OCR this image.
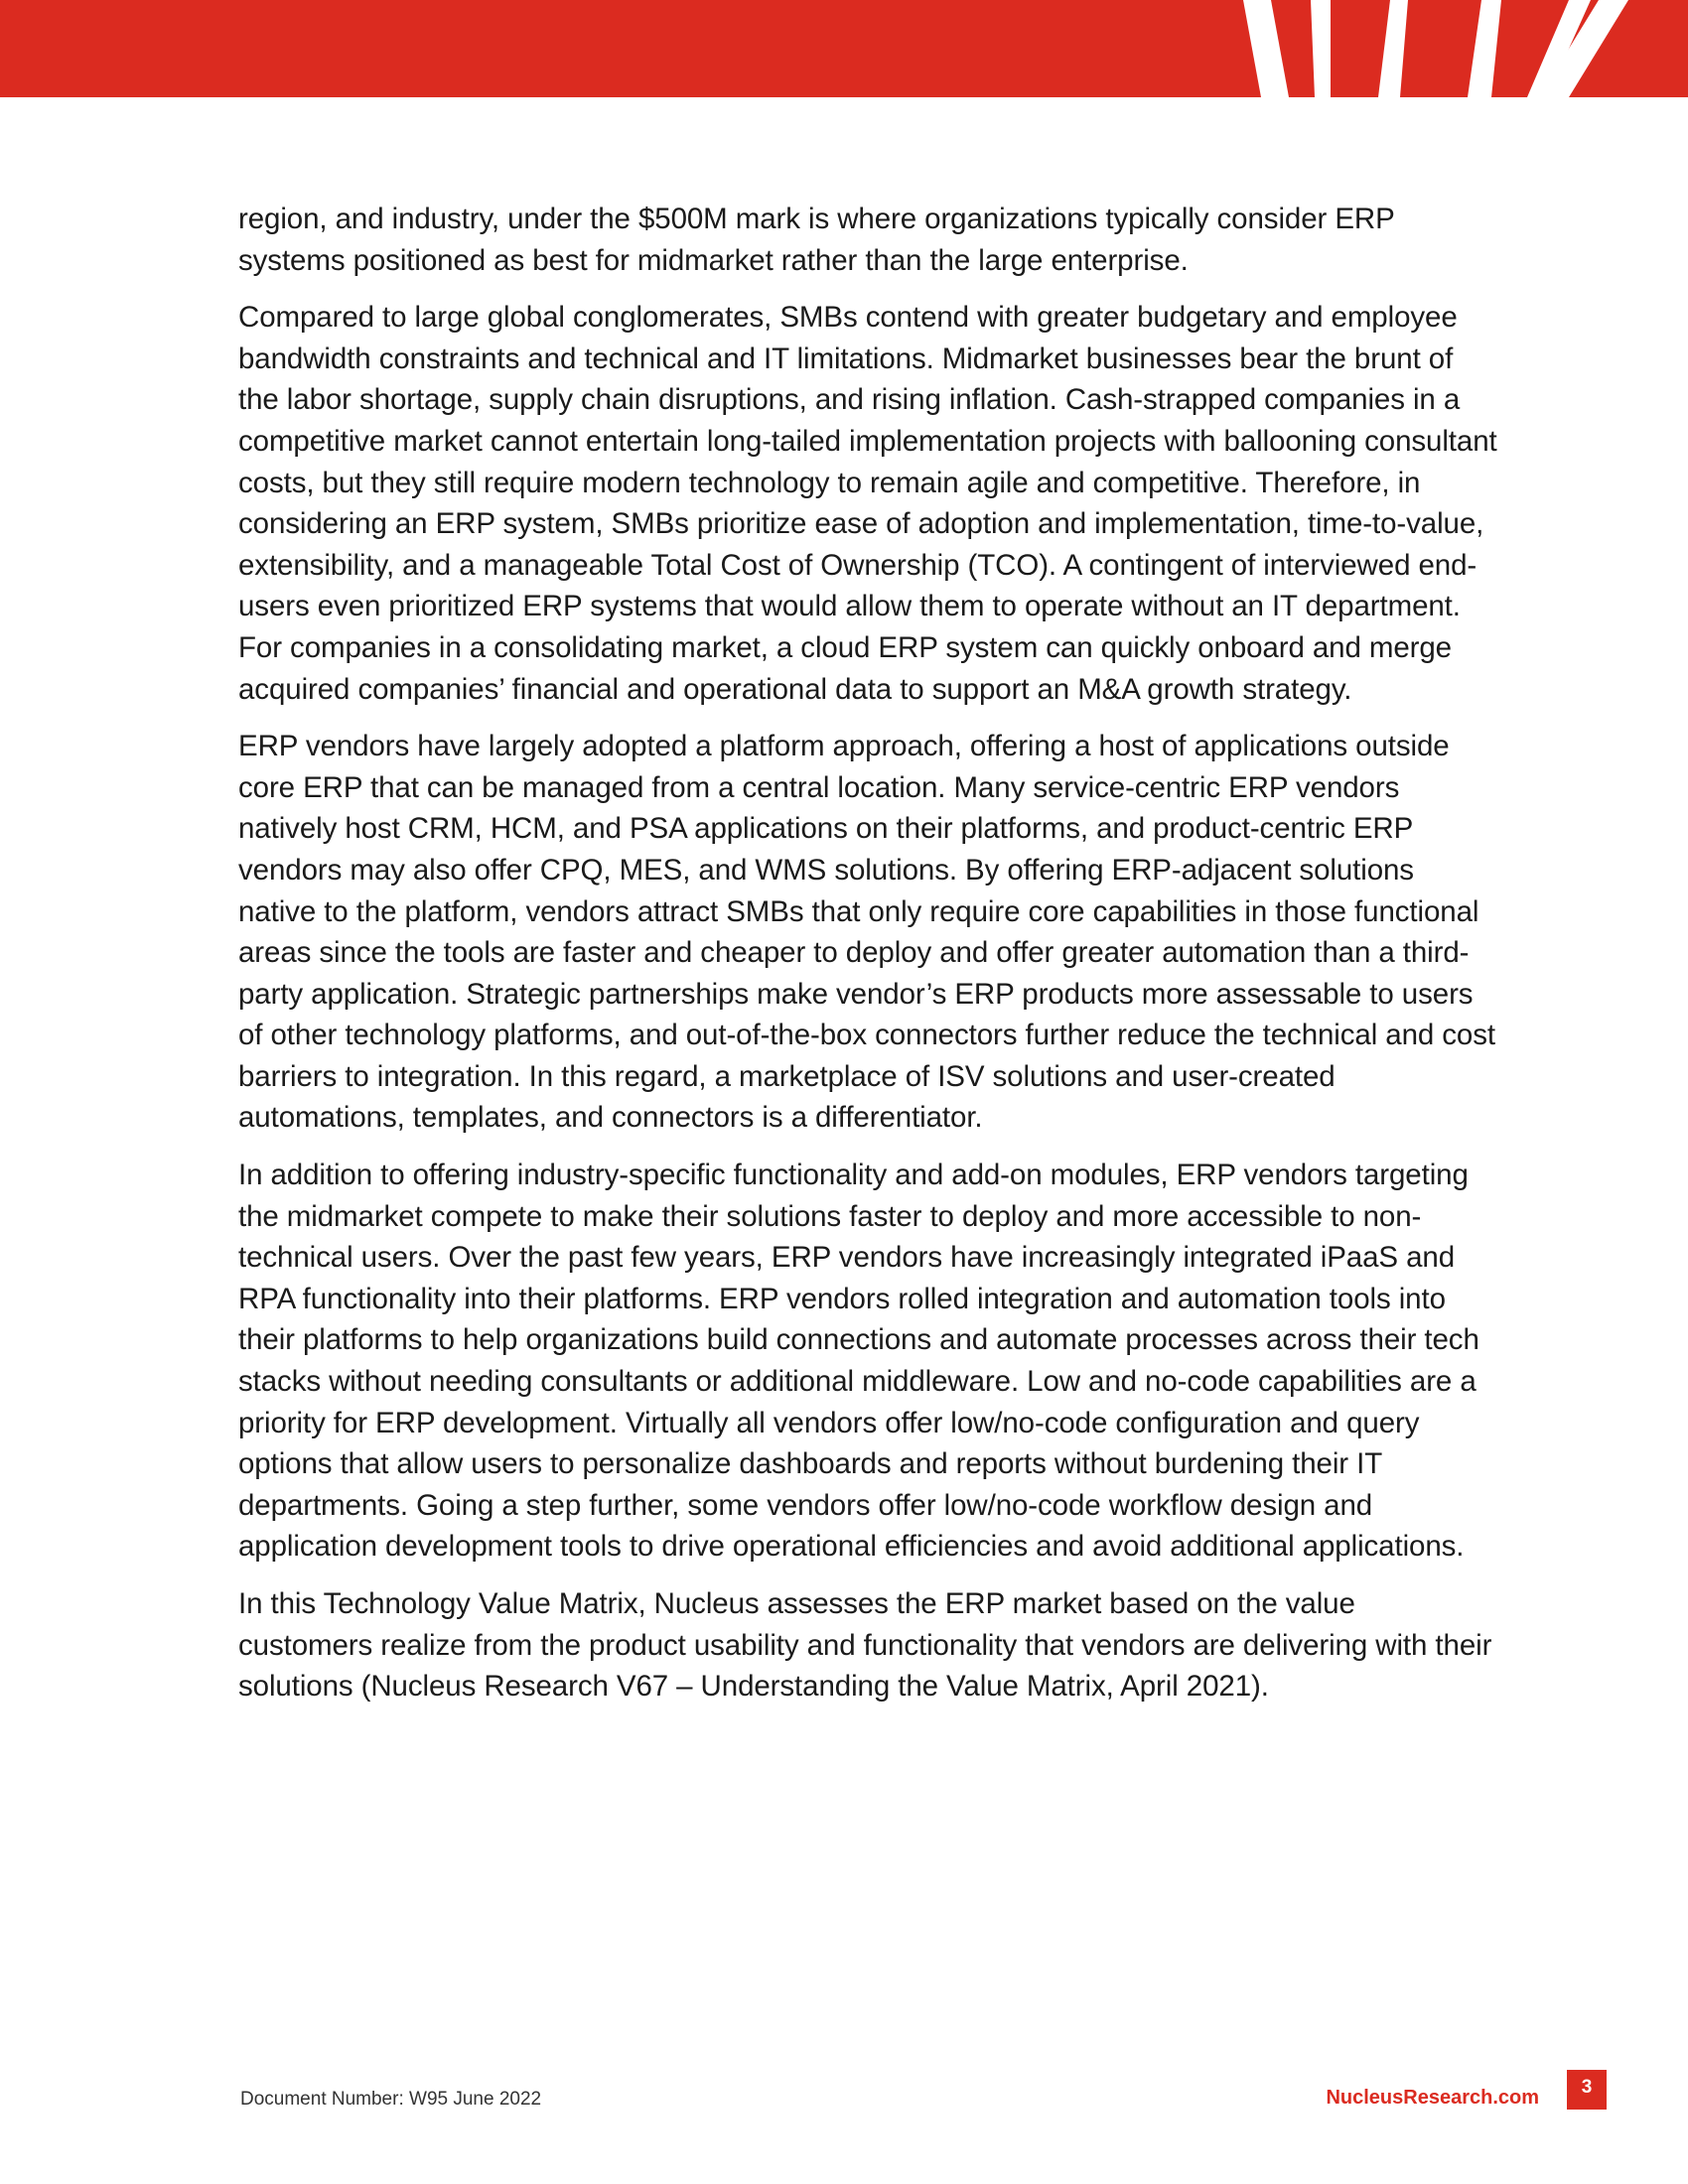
region, and industry, under the $500M mark is where organizations typically consider ERP systems positioned as best for midmarket rather than the large enterprise.

Compared to large global conglomerates, SMBs contend with greater budgetary and employee bandwidth constraints and technical and IT limitations. Midmarket businesses bear the brunt of the labor shortage, supply chain disruptions, and rising inflation. Cash-strapped companies in a competitive market cannot entertain long-tailed implementation projects with ballooning consultant costs, but they still require modern technology to remain agile and competitive. Therefore, in considering an ERP system, SMBs prioritize ease of adoption and implementation, time-to-value, extensibility, and a manageable Total Cost of Ownership (TCO). A contingent of interviewed end-users even prioritized ERP systems that would allow them to operate without an IT department. For companies in a consolidating market, a cloud ERP system can quickly onboard and merge acquired companies’ financial and operational data to support an M&A growth strategy.

ERP vendors have largely adopted a platform approach, offering a host of applications outside core ERP that can be managed from a central location. Many service-centric ERP vendors natively host CRM, HCM, and PSA applications on their platforms, and product-centric ERP vendors may also offer CPQ, MES, and WMS solutions. By offering ERP-adjacent solutions native to the platform, vendors attract SMBs that only require core capabilities in those functional areas since the tools are faster and cheaper to deploy and offer greater automation than a third-party application. Strategic partnerships make vendor’s ERP products more assessable to users of other technology platforms, and out-of-the-box connectors further reduce the technical and cost barriers to integration. In this regard, a marketplace of ISV solutions and user-created automations, templates, and connectors is a differentiator.

In addition to offering industry-specific functionality and add-on modules, ERP vendors targeting the midmarket compete to make their solutions faster to deploy and more accessible to non-technical users. Over the past few years, ERP vendors have increasingly integrated iPaaS and RPA functionality into their platforms. ERP vendors rolled integration and automation tools into their platforms to help organizations build connections and automate processes across their tech stacks without needing consultants or additional middleware. Low and no-code capabilities are a priority for ERP development. Virtually all vendors offer low/no-code configuration and query options that allow users to personalize dashboards and reports without burdening their IT departments. Going a step further, some vendors offer low/no-code workflow design and application development tools to drive operational efficiencies and avoid additional applications.

In this Technology Value Matrix, Nucleus assesses the ERP market based on the value customers realize from the product usability and functionality that vendors are delivering with their solutions (Nucleus Research V67 – Understanding the Value Matrix, April 2021).

Document Number: W95 June 2022	NucleusResearch.com	3
